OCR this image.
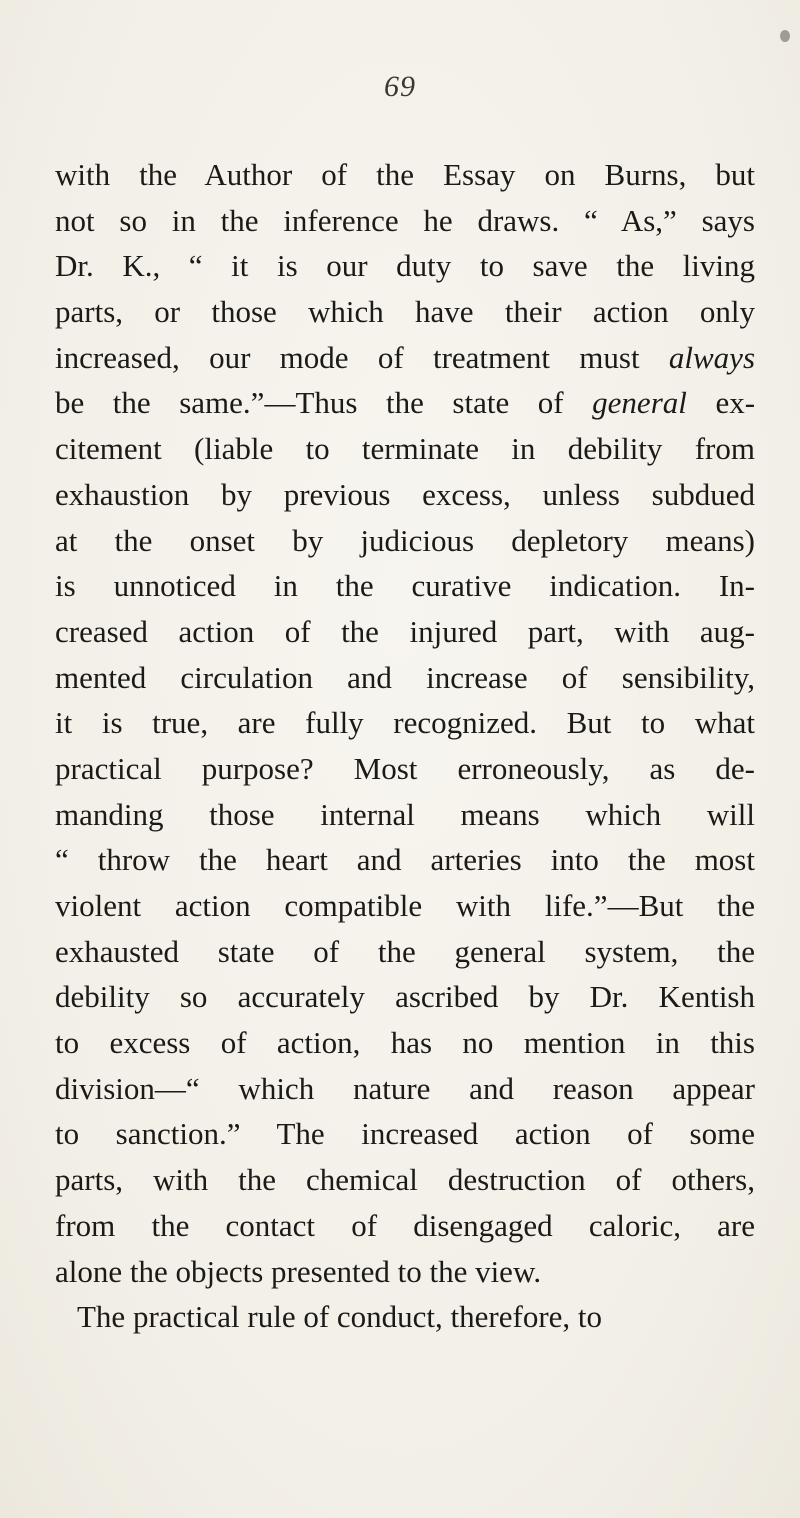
69
with the Author of the Essay on Burns, but
not so in the inference he draws. “ As,” says
Dr. K., “ it is our duty to save the living
parts, or those which have their action only
increased, our mode of treatment must always
be the same.”—Thus the state of general ex-
citement (liable to terminate in debility from
exhaustion by previous excess, unless subdued
at the onset by judicious depletory means)
is unnoticed in the curative indication. In-
creased action of the injured part, with aug-
mented circulation and increase of sensibility,
it is true, are fully recognized. But to what
practical purpose? Most erroneously, as de-
manding those internal means which will
“ throw the heart and arteries into the most
violent action compatible with life.”—But the
exhausted state of the general system, the
debility so accurately ascribed by Dr. Kentish
to excess of action, has no mention in this
division—“ which nature and reason appear
to sanction.” The increased action of some
parts, with the chemical destruction of others,
from the contact of disengaged caloric, are
alone the objects presented to the view.
The practical rule of conduct, therefore, to
